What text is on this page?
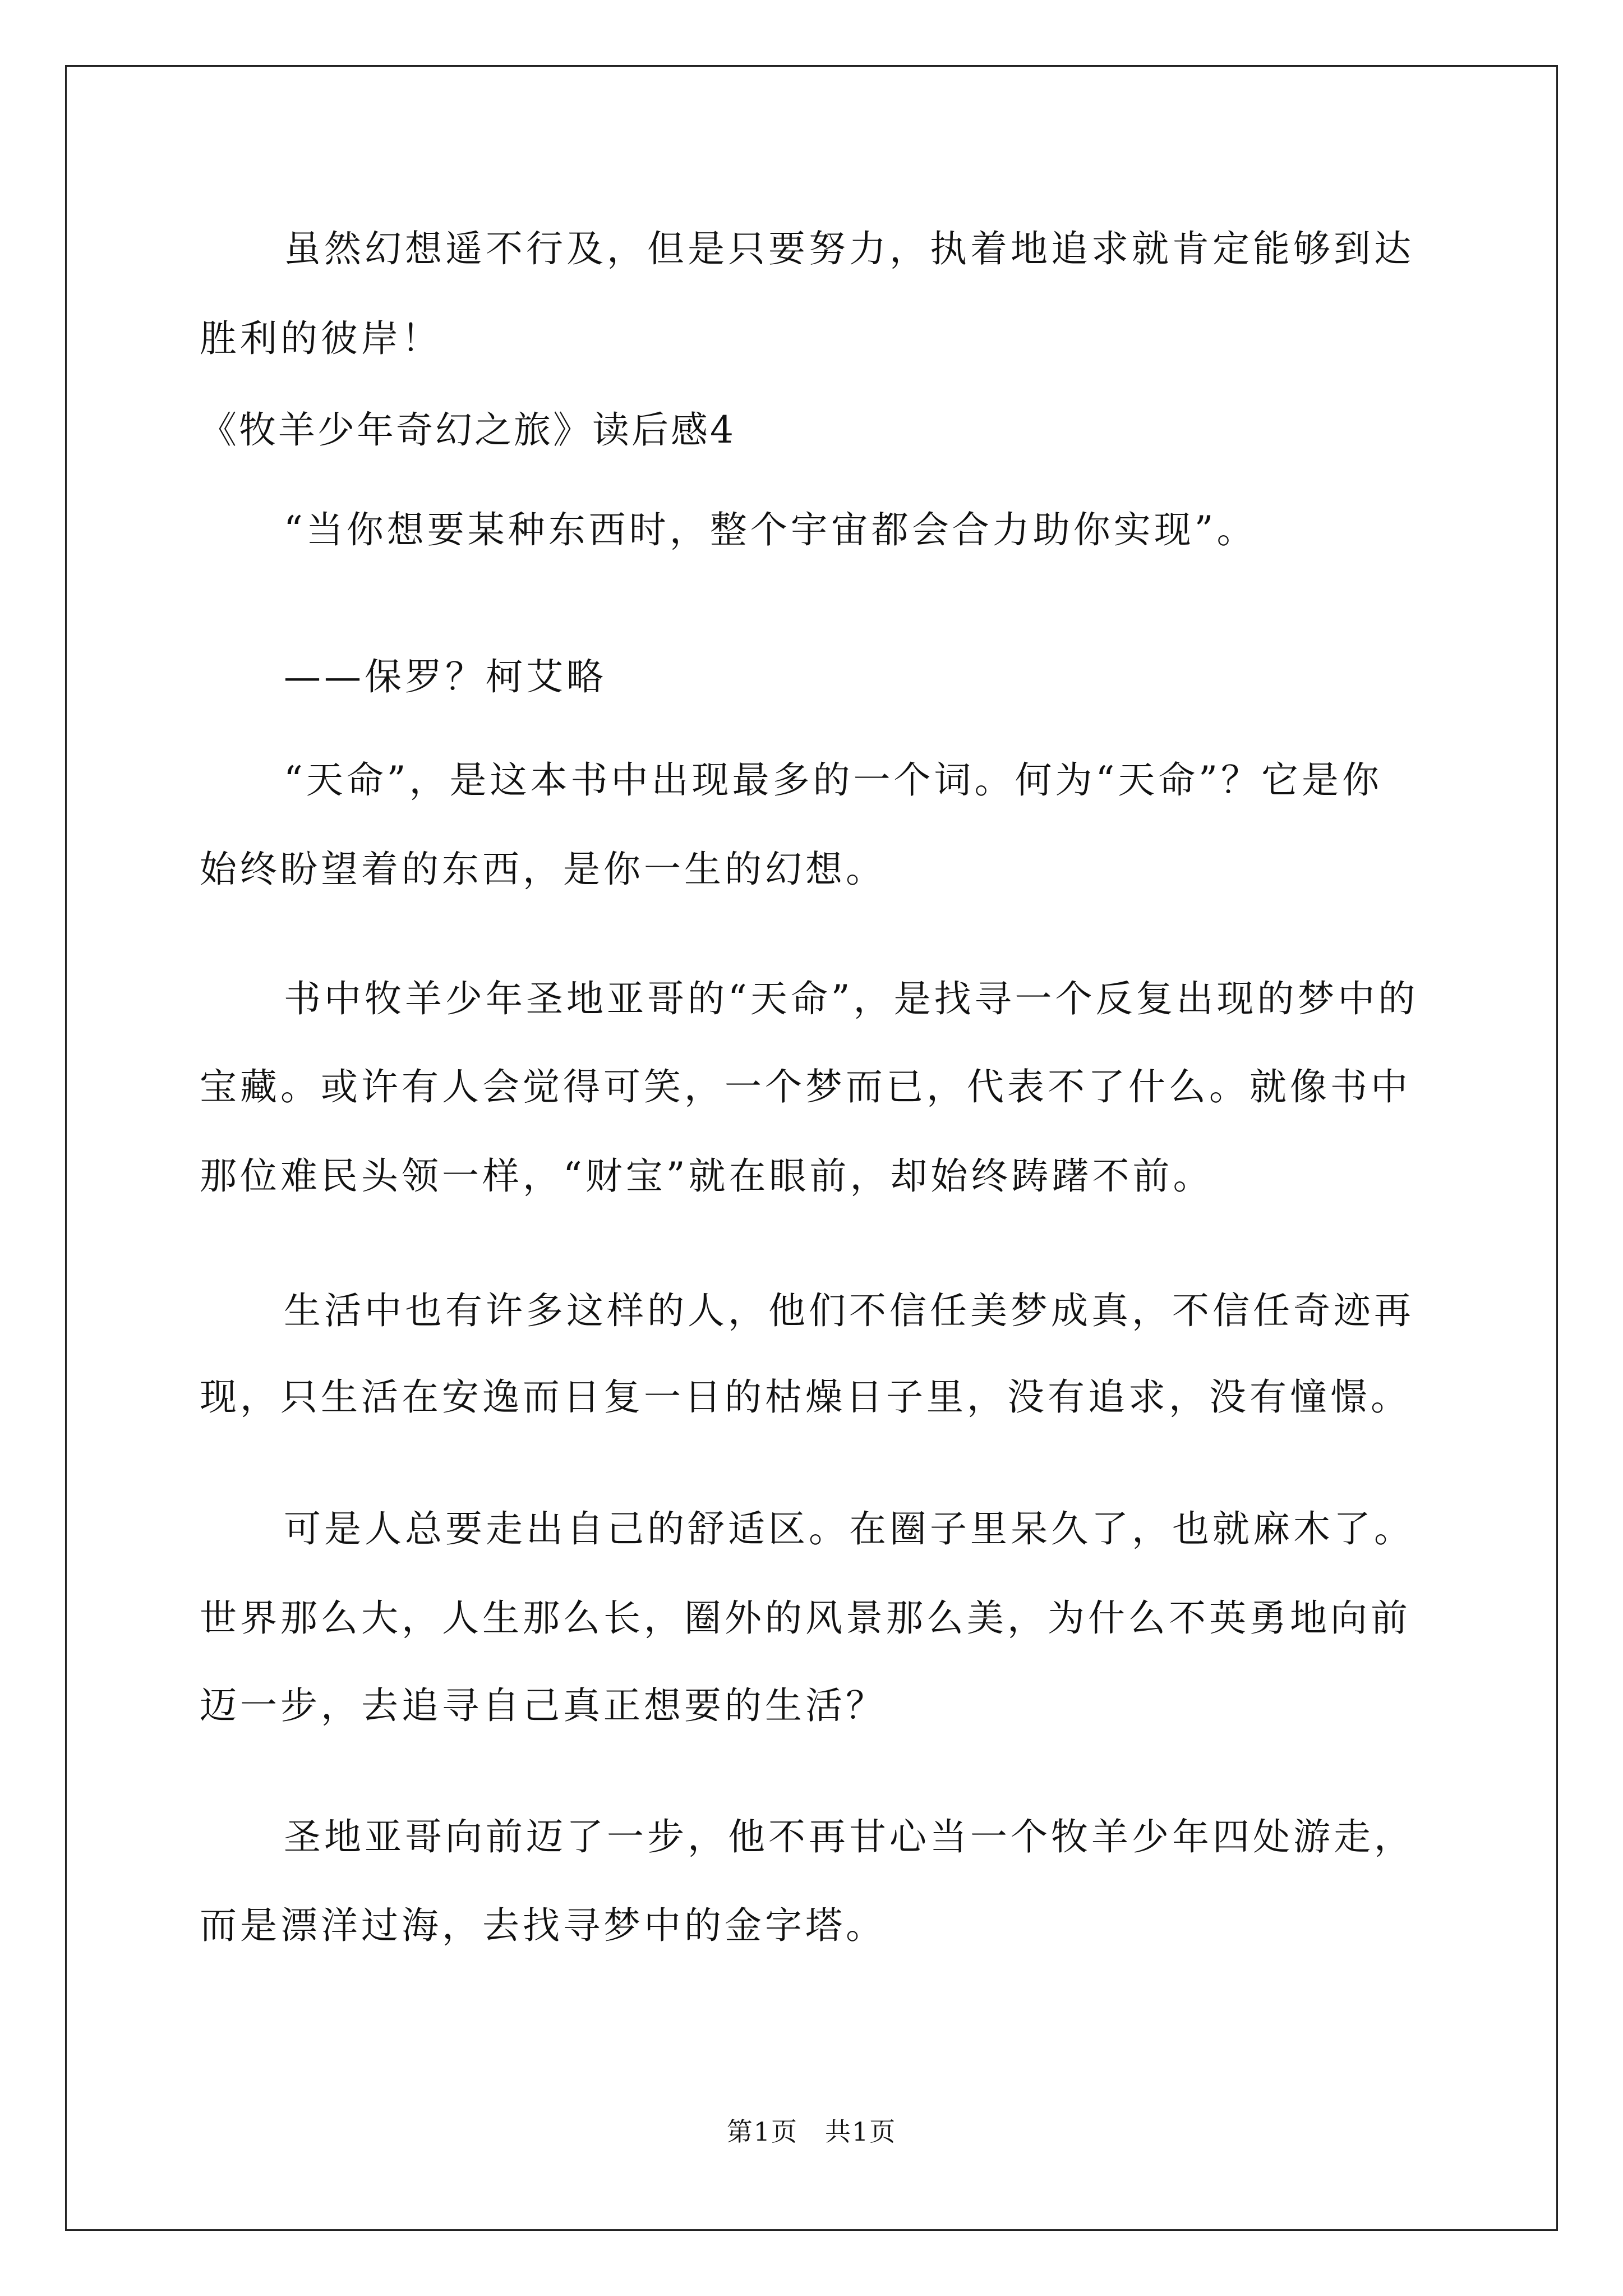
虽然幻想遥不行及，但是只要努力，执着地追求就肯定能够到达
胜利的彼岸！
《牧羊少年奇幻之旅》读后感4
“当你想要某种东西时，整个宇宙都会合力助你实现”。
——保罗？柯艾略
“天命”，是这本书中出现最多的一个词。何为“天命”？它是你
始终盼望着的东西，是你一生的幻想。
书中牧羊少年圣地亚哥的“天命”，是找寻一个反复出现的梦中的
宝藏。或许有人会觉得可笑，一个梦而已，代表不了什么。就像书中
那位难民头领一样，“财宝”就在眼前，却始终踌躇不前。
生活中也有许多这样的人，他们不信任美梦成真，不信任奇迹再
现，只生活在安逸而日复一日的枯燥日子里，没有追求，没有憧憬。
可是人总要走出自己的舒适区。在圈子里呆久了，也就麻木了。
世界那么大，人生那么长，圈外的风景那么美，为什么不英勇地向前
迈一步，去追寻自己真正想要的生活？
圣地亚哥向前迈了一步，他不再甘心当一个牧羊少年四处游走，
而是漂洋过海，去找寻梦中的金字塔。
第1页　共1页
